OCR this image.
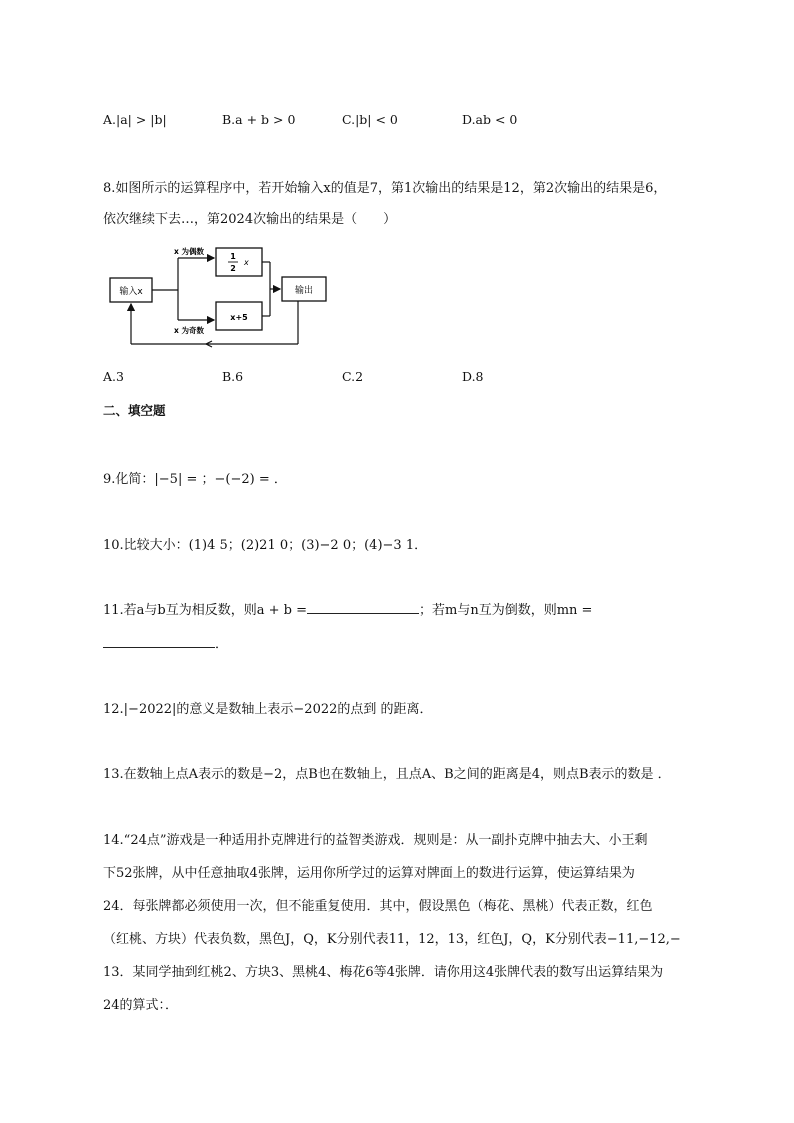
A.|a| > |b|	B.a + b > 0	C.|b| < 0	D.ab < 0
8.如图所示的运算程序中，若开始输入x的值是7，第1次输出的结果是12，第2次输出的结果是6，
依次继续下去…，第2024次输出的结果是（　　）
输入x
x 为偶数
x 为奇数
1
2
x
x+5
输出
A.3	B.6	C.2	D.8
二、填空题
9.化简：|−5| = ；−(−2) = ．
10.比较大小：(1)4 5；(2)21 0；(3)−2 0；(4)−3 1．
11.若a与b互为相反数，则a + b =	；若m与n互为倒数，则mn =
．
12.|−2022|的意义是数轴上表示−2022的点到 的距离．
13.在数轴上点A表示的数是−2，点B也在数轴上，且点A、B之间的距离是4，则点B表示的数是 ．
14.“24点”游戏是一种适用扑克牌进行的益智类游戏．规则是：从一副扑克牌中抽去大、小王剩
下52张牌，从中任意抽取4张牌，运用你所学过的运算对牌面上的数进行运算，使运算结果为
24．每张牌都必须使用一次，但不能重复使用．其中，假设黑色（梅花、黑桃）代表正数，红色
（红桃、方块）代表负数，黑色J，Q，K分别代表11，12，13，红色J，Q，K分别代表−11,−12,−
13．某同学抽到红桃2、方块3、黑桃4、梅花6等4张牌．请你用这4张牌代表的数写出运算结果为
24的算式：．
